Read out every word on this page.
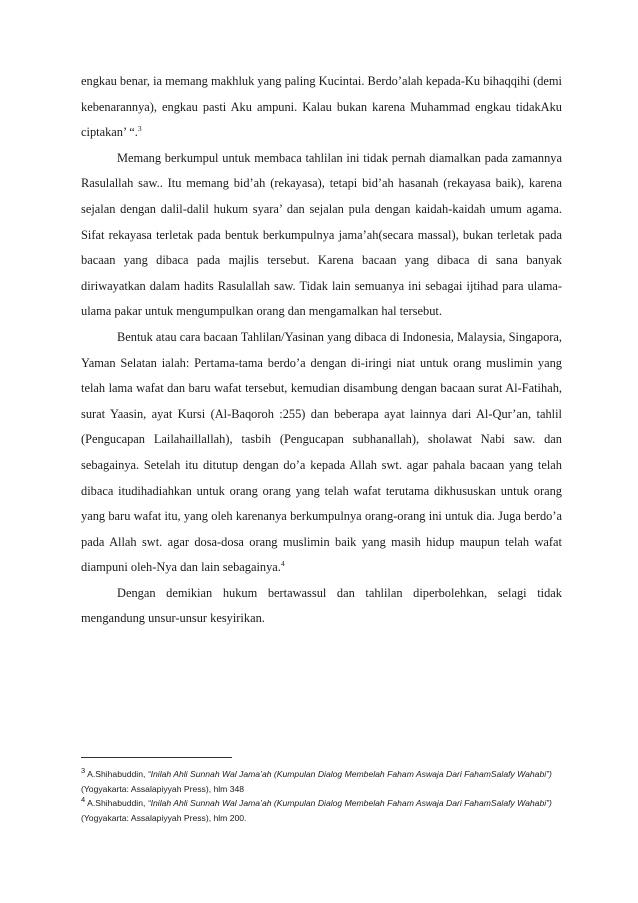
engkau benar, ia memang makhluk yang paling Kucintai. Berdo’alah kepada-Ku bihaqqihi (demi kebenarannya), engkau pasti Aku ampuni. Kalau bukan karena Muhammad engkau tidakAku ciptakan’ “.$^3$

Memang berkumpul untuk membaca tahlilan ini tidak pernah diamalkan pada zamannya

Rasulallah saw.. Itu memang bid’ah (rekayasa), tetapi bid’ah hasanah (rekayasa baik), karena sejalan dengan dalil-dalil hukum syara’ dan sejalan pula dengan kaidah-kaidah umum agama. Sifat rekayasa terletak pada bentuk berkumpulnya jama’ah(secara massal), bukan terletak pada bacaan yang dibaca pada majlis tersebut. Karena bacaan yang dibaca di sana banyak diriwayatkan dalam hadits Rasulallah saw. Tidak lain semuanya ini sebagai ijtihad para ulama-ulama pakar untuk mengumpulkan orang dan mengamalkan hal tersebut.

Bentuk atau cara bacaan Tahlilan/Yasinan yang dibaca di Indonesia, Malaysia, Singapora, Yaman Selatan ialah: Pertama-tama berdo’a dengan di-iringi niat untuk orang muslimin yang telah lama wafat dan baru wafat tersebut, kemudian disambung dengan bacaan surat Al-Fatihah, surat Yaasin, ayat Kursi (Al-Baqoroh :255) dan beberapa ayat lainnya dari Al-Qur’an, tahlil (Pengucapan Lailahaillallah), tasbih (Pengucapan subhanallah), sholawat Nabi saw. dan sebagainya. Setelah itu ditutup dengan do’a kepada Allah swt. agar pahala bacaan yang telah dibaca itudihadiahkan untuk orang orang yang telah wafat terutama dikhususkan untuk orang yang baru wafat itu, yang oleh karenanya berkumpulnya orang-orang ini untuk dia. Juga berdo’a pada Allah swt. agar dosa-dosa orang muslimin baik yang masih hidup maupun telah wafat diampuni oleh-Nya dan lain sebagainya.$^4$

Dengan demikian hukum bertawassul dan tahlilan diperbolehkan, selagi tidak mengandung unsur-unsur kesyirikan.

$^3$ A.Shihabuddin, “Inilah Ahli Sunnah Wal Jama’ah (Kumpulan Dialog Membelah Faham Aswaja Dari FahamSalafy Wahabi”) (Yogyakarta: Assalapiyyah Press), hlm 348

$^4$ A.Shihabuddin, “Inilah Ahli Sunnah Wal Jama’ah (Kumpulan Dialog Membelah Faham Aswaja Dari FahamSalafy Wahabi”) (Yogyakarta: Assalapiyyah Press), hlm 200.
